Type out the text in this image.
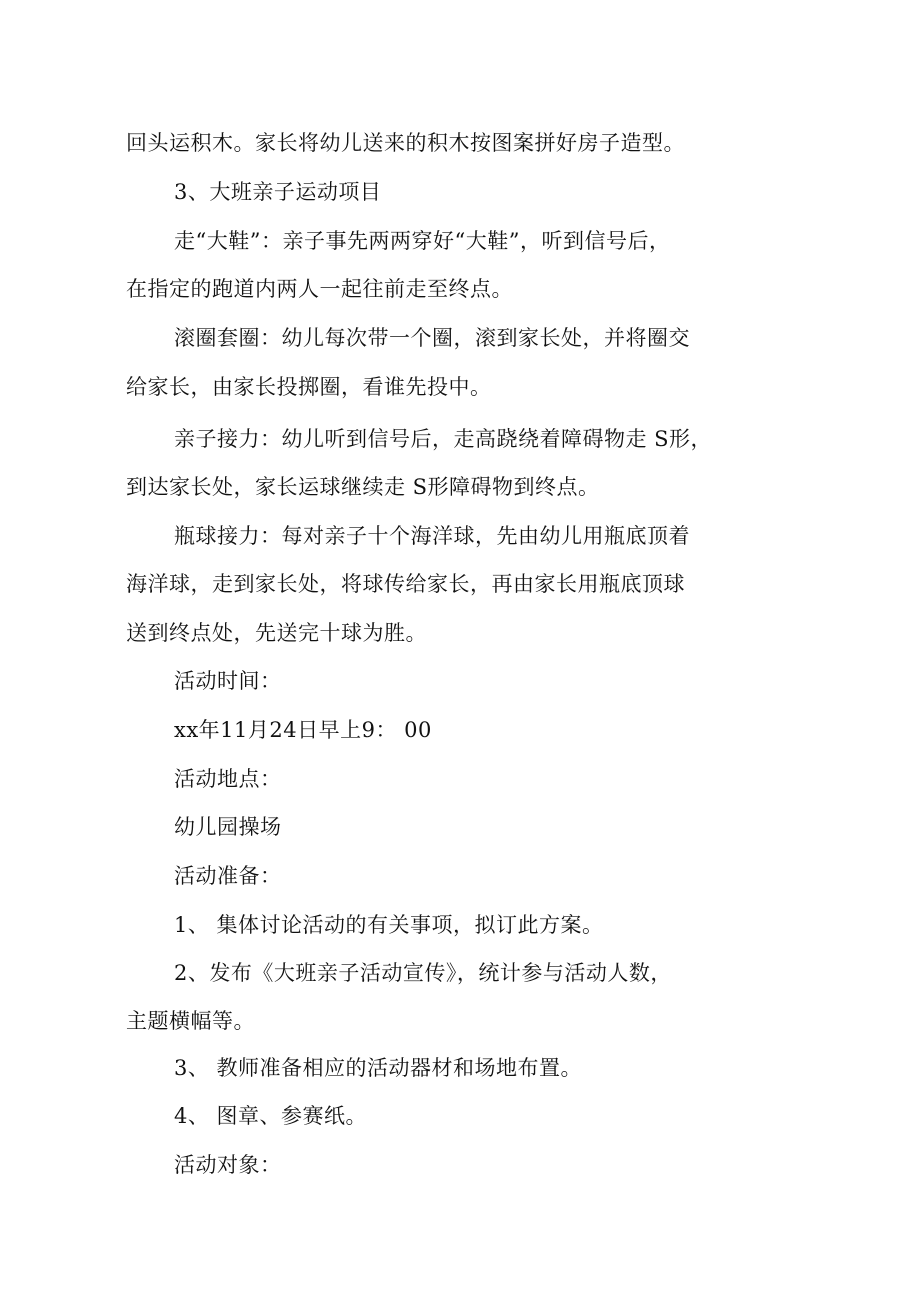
回头运积木。家长将幼儿送来的积木按图案拼好房子造型。
3、大班亲子运动项目
走“大鞋”：亲子事先两两穿好“大鞋”，听到信号后，
在指定的跑道内两人一起往前走至终点。
滚圈套圈：幼儿每次带一个圈，滚到家长处，并将圈交
给家长，由家长投掷圈，看谁先投中。
亲子接力：幼儿听到信号后，走高跷绕着障碍物走 S形，
到达家长处，家长运球继续走 S形障碍物到终点。
瓶球接力：每对亲子十个海洋球，先由幼儿用瓶底顶着
海洋球，走到家长处，将球传给家长，再由家长用瓶底顶球
送到终点处，先送完十球为胜。
活动时间：
xx年11月24日早上9： 00
活动地点：
幼儿园操场
活动准备：
1、 集体讨论活动的有关事项，拟订此方案。
2、发布《大班亲子活动宣传》，统计参与活动人数，
主题横幅等。
3、 教师准备相应的活动器材和场地布置。
4、 图章、参赛纸。
活动对象：
